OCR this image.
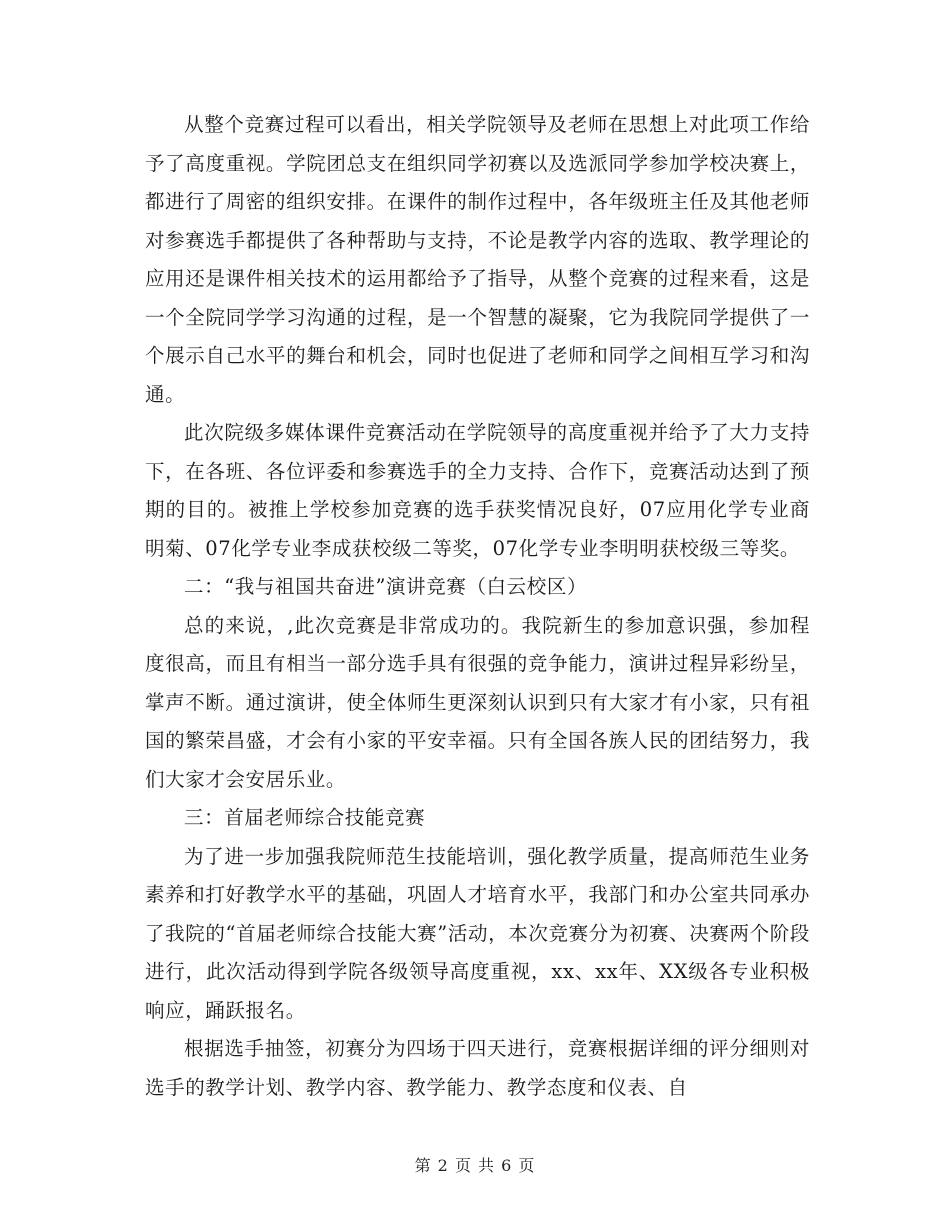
从整个竞赛过程可以看出，相关学院领导及老师在思想上对此项工作给予了高度重视。学院团总支在组织同学初赛以及选派同学参加学校决赛上，都进行了周密的组织安排。在课件的制作过程中，各年级班主任及其他老师对参赛选手都提供了各种帮助与支持，不论是教学内容的选取、教学理论的应用还是课件相关技术的运用都给予了指导，从整个竞赛的过程来看，这是一个全院同学学习沟通的过程，是一个智慧的凝聚，它为我院同学提供了一个展示自己水平的舞台和机会，同时也促进了老师和同学之间相互学习和沟通。

此次院级多媒体课件竞赛活动在学院领导的高度重视并给予了大力支持下，在各班、各位评委和参赛选手的全力支持、合作下，竞赛活动达到了预期的目的。被推上学校参加竞赛的选手获奖情况良好，07应用化学专业商明菊、07化学专业李成获校级二等奖，07化学专业李明明获校级三等奖。

二：“我与祖国共奋进”演讲竞赛（白云校区）

总的来说，,此次竞赛是非常成功的。我院新生的参加意识强，参加程度很高，而且有相当一部分选手具有很强的竞争能力，演讲过程异彩纷呈，掌声不断。通过演讲，使全体师生更深刻认识到只有大家才有小家，只有祖国的繁荣昌盛，才会有小家的平安幸福。只有全国各族人民的团结努力，我们大家才会安居乐业。

三：首届老师综合技能竞赛

为了进一步加强我院师范生技能培训，强化教学质量，提高师范生业务素养和打好教学水平的基础，巩固人才培育水平，我部门和办公室共同承办了我院的“首届老师综合技能大赛”活动，本次竞赛分为初赛、决赛两个阶段进行，此次活动得到学院各级领导高度重视，xx、xx年、XX级各专业积极响应，踊跃报名。

根据选手抽签，初赛分为四场于四天进行，竞赛根据详细的评分细则对选手的教学计划、教学内容、教学能力、教学态度和仪表、自

第 2 页 共 6 页
